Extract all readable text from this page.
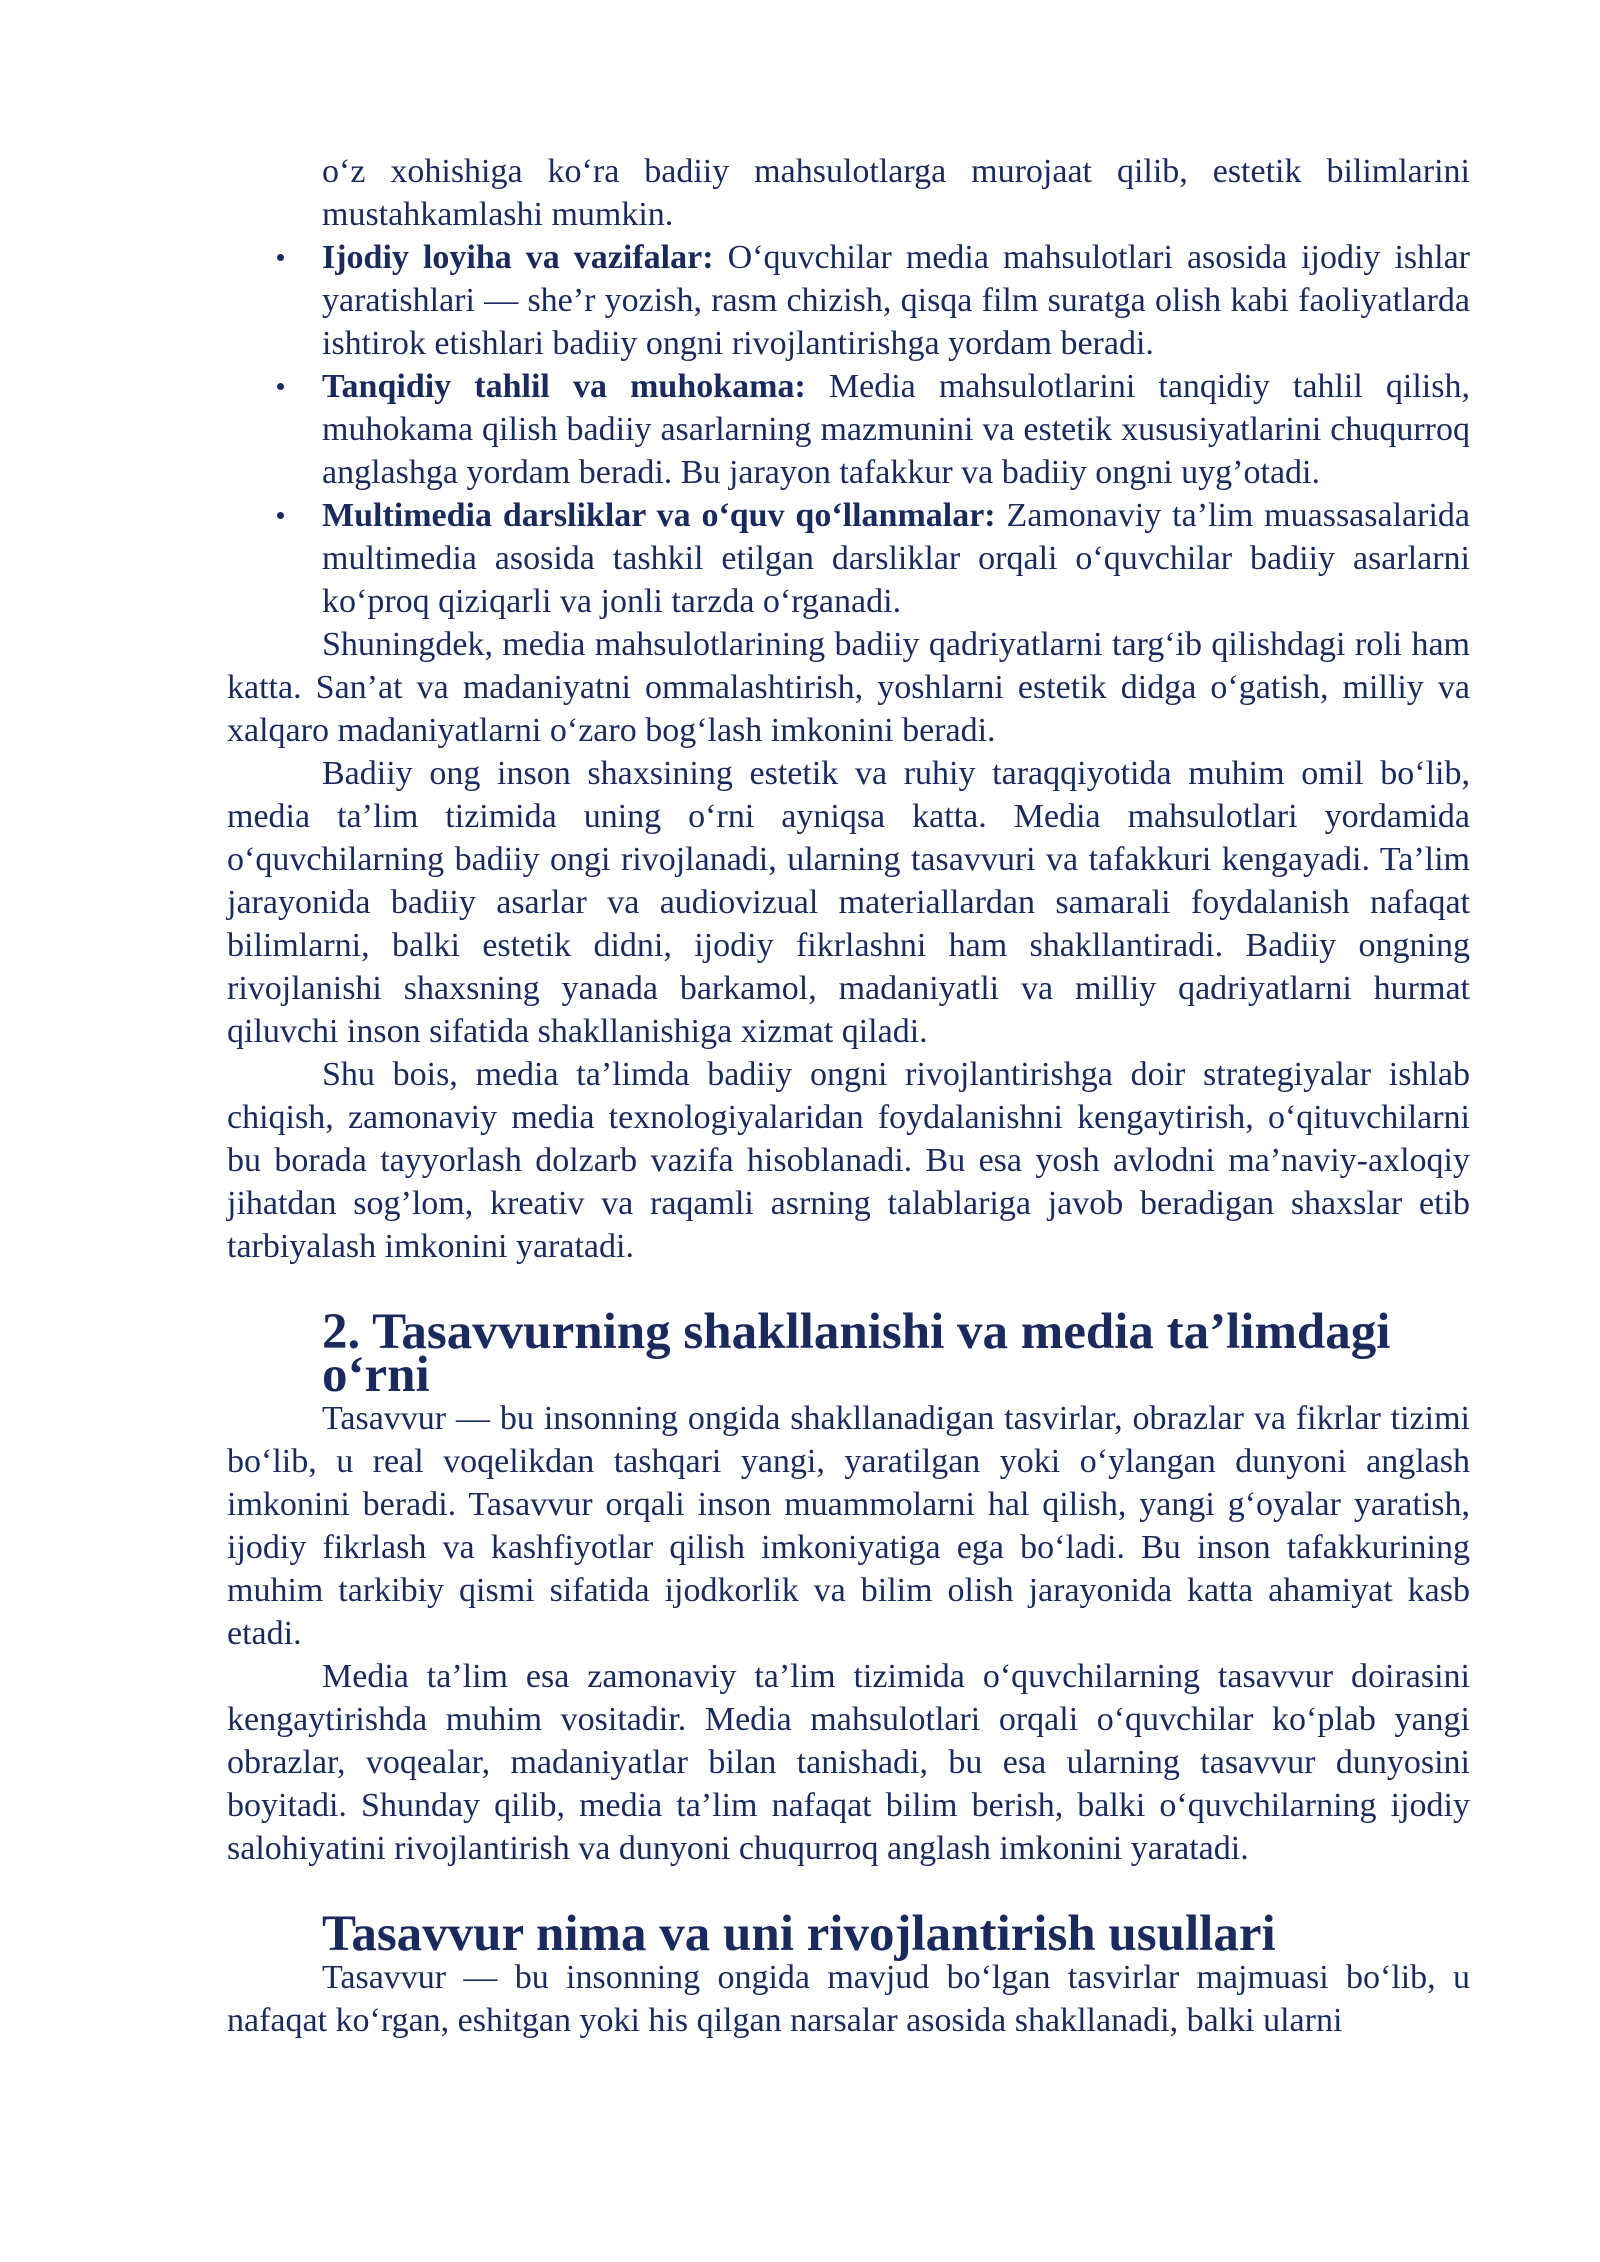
o‘z xohishiga ko‘ra badiiy mahsulotlarga murojaat qilib, estetik bilimlarini mustahkamlashi mumkin.

Ijodiy loyiha va vazifalar: O‘quvchilar media mahsulotlari asosida ijodiy ishlar yaratishlari — she’r yozish, rasm chizish, qisqa film suratga olish kabi faoliyatlarda ishtirok etishlari badiiy ongni rivojlantirishga yordam beradi.
Tanqidiy tahlil va muhokama: Media mahsulotlarini tanqidiy tahlil qilish, muhokama qilish badiiy asarlarning mazmunini va estetik xususiyatlarini chuqurroq anglashga yordam beradi. Bu jarayon tafakkur va badiiy ongni uyg’otadi.
Multimedia darsliklar va o‘quv qo‘llanmalar: Zamonaviy ta’lim muassasalarida multimedia asosida tashkil etilgan darsliklar orqali o‘quvchilar badiiy asarlarni ko‘proq qiziqarli va jonli tarzda o‘rganadi.

Shuningdek, media mahsulotlarining badiiy qadriyatlarni targ‘ib qilishdagi roli ham katta. San’at va madaniyatni ommalashtirish, yoshlarni estetik didga o‘gatish, milliy va xalqaro madaniyatlarni o‘zaro bog‘lash imkonini beradi.

Badiiy ong inson shaxsining estetik va ruhiy taraqqiyotida muhim omil bo‘lib, media ta’lim tizimida uning o‘rni ayniqsa katta. Media mahsulotlari yordamida o‘quvchilarning badiiy ongi rivojlanadi, ularning tasavvuri va tafakkuri kengayadi. Ta’lim jarayonida badiiy asarlar va audiovizual materiallardan samarali foydalanish nafaqat bilimlarni, balki estetik didni, ijodiy fikrlashni ham shakllantiradi. Badiiy ongning rivojlanishi shaxsning yanada barkamol, madaniyatli va milliy qadriyatlarni hurmat qiluvchi inson sifatida shakllanishiga xizmat qiladi.

Shu bois, media ta’limda badiiy ongni rivojlantirishga doir strategiyalar ishlab chiqish, zamonaviy media texnologiyalaridan foydalanishni kengaytirish, o‘qituvchilarni bu borada tayyorlash dolzarb vazifa hisoblanadi. Bu esa yosh avlodni ma’naviy-axloqiy jihatdan sog’lom, kreativ va raqamli asrning talablariga javob beradigan shaxslar etib tarbiyalash imkonini yaratadi.

2. Tasavvurning shakllanishi va media ta’limdagi o‘rni

Tasavvur — bu insonning ongida shakllanadigan tasvirlar, obrazlar va fikrlar tizimi bo‘lib, u real voqelikdan tashqari yangi, yaratilgan yoki o‘ylangan dunyoni anglash imkonini beradi. Tasavvur orqali inson muammolarni hal qilish, yangi g‘oyalar yaratish, ijodiy fikrlash va kashfiyotlar qilish imkoniyatiga ega bo‘ladi. Bu inson tafakkurining muhim tarkibiy qismi sifatida ijodkorlik va bilim olish jarayonida katta ahamiyat kasb etadi.

Media ta’lim esa zamonaviy ta’lim tizimida o‘quvchilarning tasavvur doirasini kengaytirishda muhim vositadir. Media mahsulotlari orqali o‘quvchilar ko‘plab yangi obrazlar, voqealar, madaniyatlar bilan tanishadi, bu esa ularning tasavvur dunyosini boyitadi. Shunday qilib, media ta’lim nafaqat bilim berish, balki o‘quvchilarning ijodiy salohiyatini rivojlantirish va dunyoni chuqurroq anglash imkonini yaratadi.

Tasavvur nima va uni rivojlantirish usullari

Tasavvur — bu insonning ongida mavjud bo‘lgan tasvirlar majmuasi bo‘lib, u nafaqat ko‘rgan, eshitgan yoki his qilgan narsalar asosida shakllanadi, balki ularni
